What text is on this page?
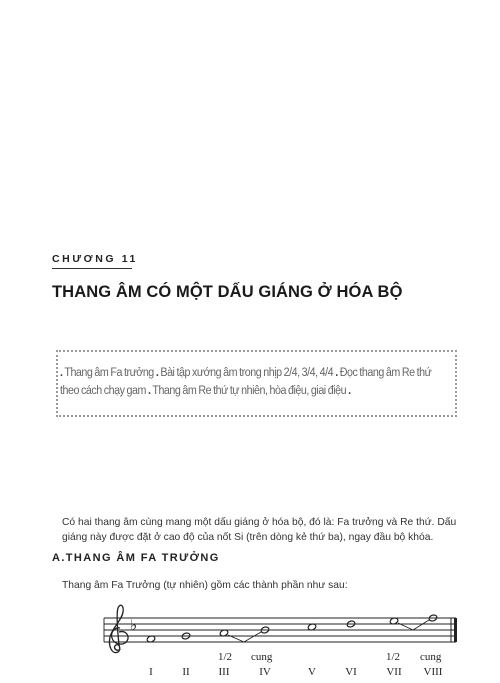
CHƯƠNG 11
THANG ÂM CÓ MỘT DẤU GIÁNG Ở HÓA BỘ
. Thang âm Fa trưởng . Bài tập xướng âm trong nhịp 2/4, 3/4, 4/4 . Đọc thang âm Re thứ theo cách chạy gam . Thang âm Re thứ tự nhiên, hòa điệu, giai điệu .
Có hai thang âm cùng mang một dấu giáng ở hóa bộ, đó là: Fa trưởng và Re thứ. Dấu giáng này được đặt ở cao độ của nốt Si (trên dòng kẻ thứ ba), ngay đầu bộ khóa.
A.THANG ÂM FA TRƯỞNG
Thang âm Fa Trưởng (tự nhiên) gồm các thành phần như sau:
♭
1/2 cung	1/2 cung
I	II	III	IV	V	VI	VII VIII
